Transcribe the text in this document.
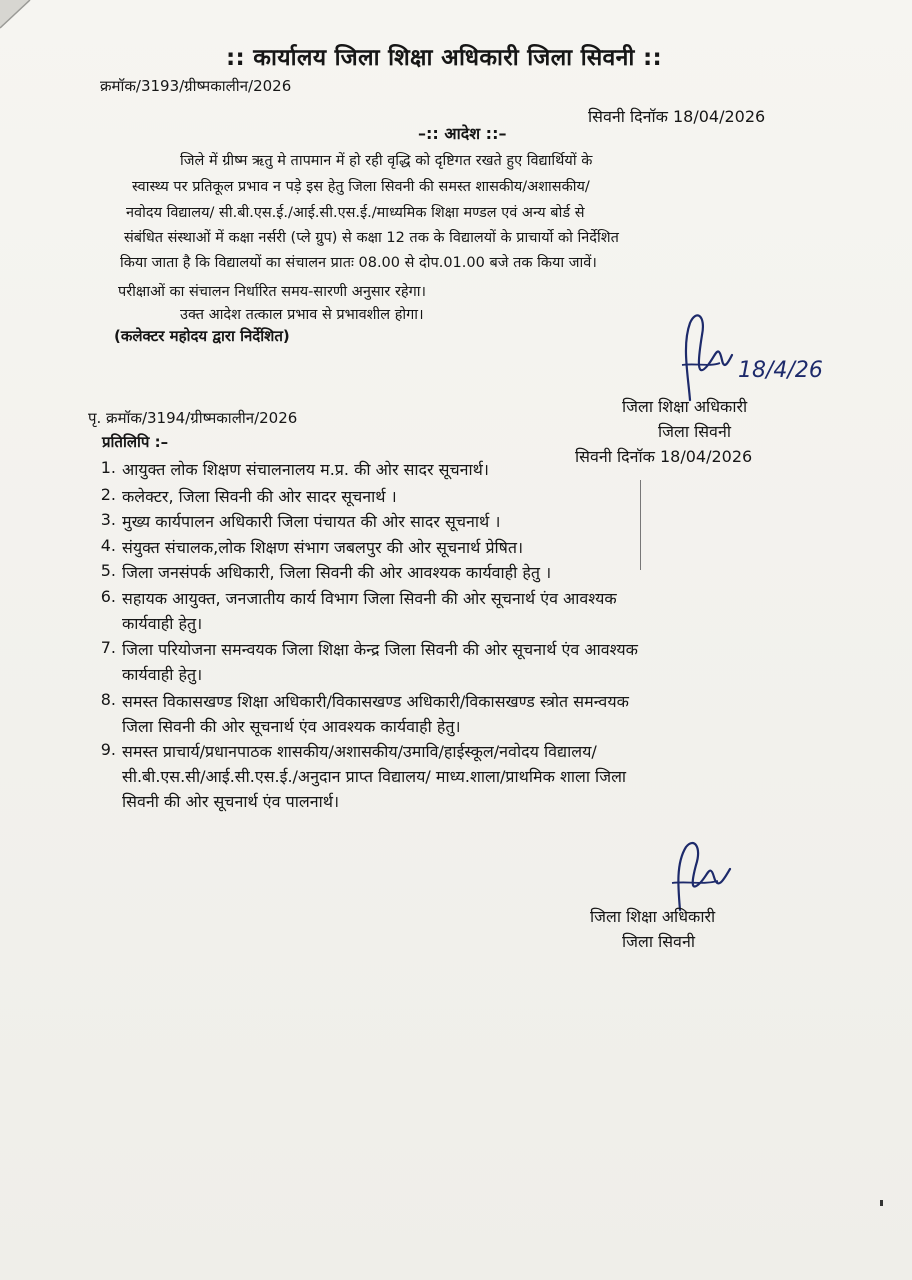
:: कार्यालय जिला शिक्षा अधिकारी जिला सिवनी ::
क्रमॉक/3193/ग्रीष्मकालीन/2026
सिवनी दिनॉक 18/04/2026
–:: आदेश ::–
जिले में ग्रीष्म ऋतु मे तापमान में हो रही वृद्धि को दृष्टिगत रखते हुए विद्यार्थियों के
स्वास्थ्य पर प्रतिकूल प्रभाव न पड़े इस हेतु जिला सिवनी की समस्त शासकीय/अशासकीय/
नवोदय विद्यालय/ सी.बी.एस.ई./आई.सी.एस.ई./माध्यमिक शिक्षा मण्डल एवं अन्य बोर्ड से
संबंधित संस्थाओं में कक्षा नर्सरी (प्ले ग्रुप) से कक्षा 12 तक के विद्यालयों के प्राचार्यो को निर्देशित
किया जाता है कि विद्यालयों का संचालन प्रातः 08.00 से दोप.01.00 बजे तक किया जावें।
परीक्षाओं का संचालन निर्धारित समय-सारणी अनुसार रहेगा।
उक्त आदेश तत्काल प्रभाव से प्रभावशील होगा।
(कलेक्टर महोदय द्वारा निर्देशित)
18/4/26
जिला शिक्षा अधिकारी
जिला सिवनी
सिवनी दिनॉक 18/04/2026
पृ. क्रमॉक/3194/ग्रीष्मकालीन/2026
प्रतिलिपि :–
1. आयुक्त लोक शिक्षण संचालनालय म.प्र. की ओर सादर सूचनार्थ।
2. कलेक्टर, जिला सिवनी की ओर सादर सूचनार्थ ।
3. मुख्य कार्यपालन अधिकारी जिला पंचायत की ओर सादर सूचनार्थ ।
4. संयुक्त संचालक,लोक शिक्षण संभाग जबलपुर की ओर सूचनार्थ प्रेषित।
5. जिला जनसंपर्क अधिकारी, जिला सिवनी की ओर आवश्यक कार्यवाही हेतु ।
6. सहायक आयुक्त, जनजातीय कार्य विभाग जिला सिवनी की ओर सूचनार्थ एंव आवश्यक
कार्यवाही हेतु।
7. जिला परियोजना समन्वयक जिला शिक्षा केन्द्र जिला सिवनी की ओर सूचनार्थ एंव आवश्यक
कार्यवाही हेतु।
8. समस्त विकासखण्ड शिक्षा अधिकारी/विकासखण्ड अधिकारी/विकासखण्ड स्त्रोत समन्वयक
जिला सिवनी की ओर सूचनार्थ एंव आवश्यक कार्यवाही हेतु।
9. समस्त प्राचार्य/प्रधानपाठक शासकीय/अशासकीय/उमावि/हाईस्कूल/नवोदय विद्यालय/
सी.बी.एस.सी/आई.सी.एस.ई./अनुदान प्राप्त विद्यालय/ माध्य.शाला/प्राथमिक शाला जिला
सिवनी की ओर सूचनार्थ एंव पालनार्थ।
जिला शिक्षा अधिकारी
जिला सिवनी
